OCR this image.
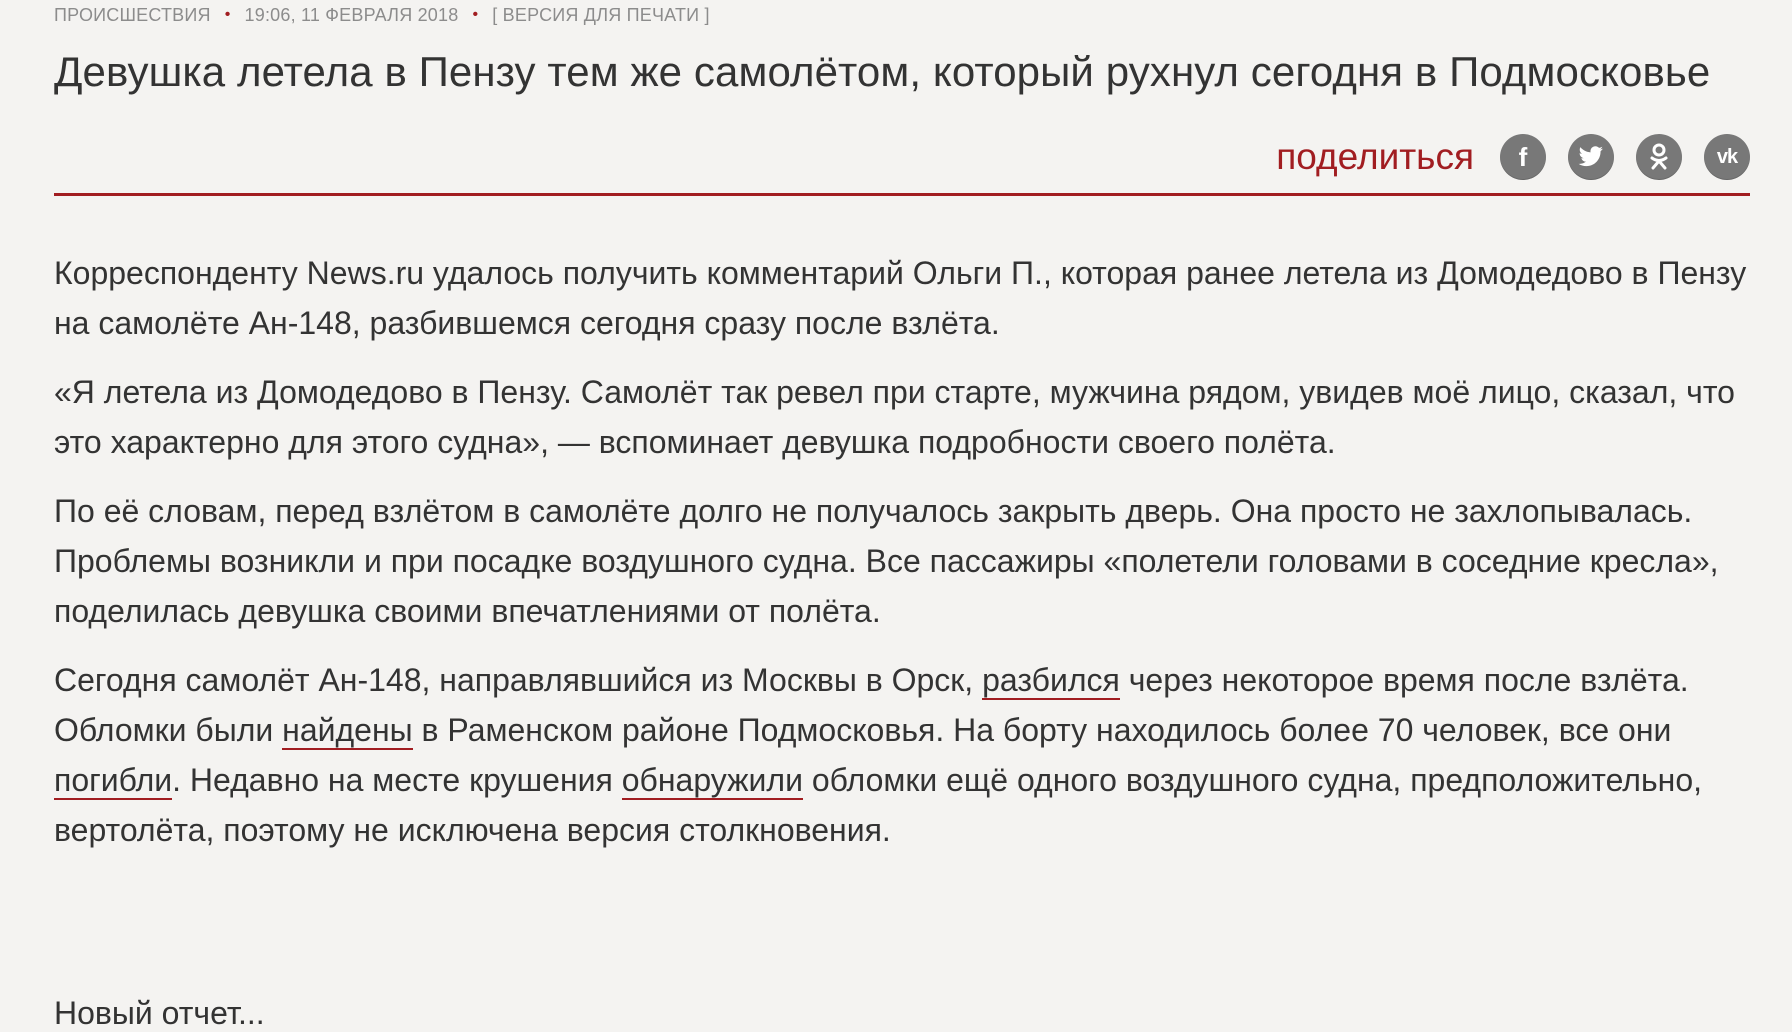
ПРОИСШЕСТВИЯ • 19:06, 11 ФЕВРАЛЯ 2018 • [ ВЕРСИЯ ДЛЯ ПЕЧАТИ ]
Девушка летела в Пензу тем же самолётом, который рухнул сегодня в Подмосковье
поделиться f	vk

Корреспонденту News.ru удалось получить комментарий Ольги П., которая ранее летела из Домодедово в Пензу на самолёте Ан-148, разбившемся сегодня сразу после взлёта.

«Я летела из Домодедово в Пензу. Самолёт так ревел при старте, мужчина рядом, увидев моё лицо, сказал, что это характерно для этого судна», — вспоминает девушка подробности своего полёта.

По её словам, перед взлётом в самолёте долго не получалось закрыть дверь. Она просто не захлопывалась. Проблемы возникли и при посадке воздушного судна. Все пассажиры «полетели головами в соседние кресла», поделилась девушка своими впечатлениями от полёта.

Сегодня самолёт Ан-148, направлявшийся из Москвы в Орск, разбился через некоторое время после взлёта. Обломки были найдены в Раменском районе Подмосковья. На борту находилось более 70 человек, все они погибли. Недавно на месте крушения обнаружили обломки ещё одного воздушного судна, предположительно, вертолёта, поэтому не исключена версия столкновения.

Новый отчет...
